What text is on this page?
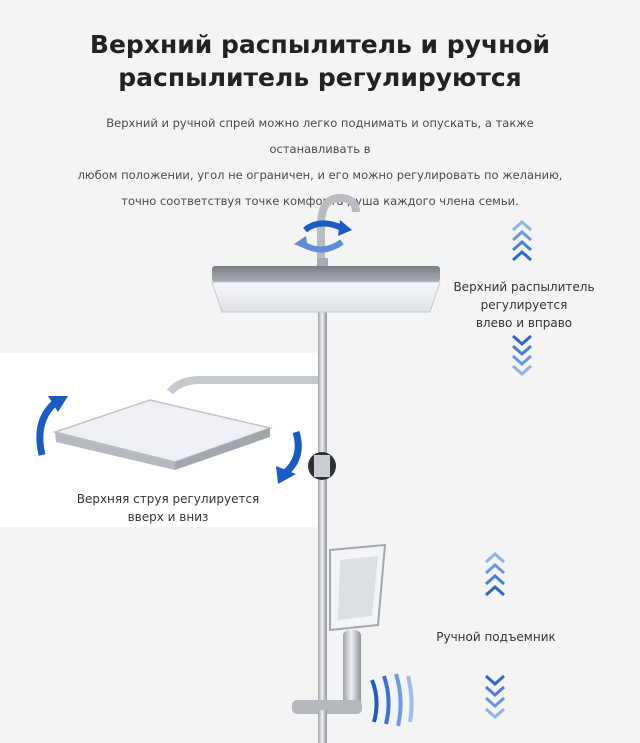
Верхний распылитель и ручной
распылитель регулируются
Верхний и ручной спрей можно легко поднимать и опускать, а также останавливать в
любом положении, угол не ограничен, и его можно регулировать по желанию,
точно соответствуя точке комфорта душа каждого члена семьи.
Верхний распылитель
регулируется
влево и вправо
Верхняя струя регулируется
вверх и вниз
Ручной подъемник
